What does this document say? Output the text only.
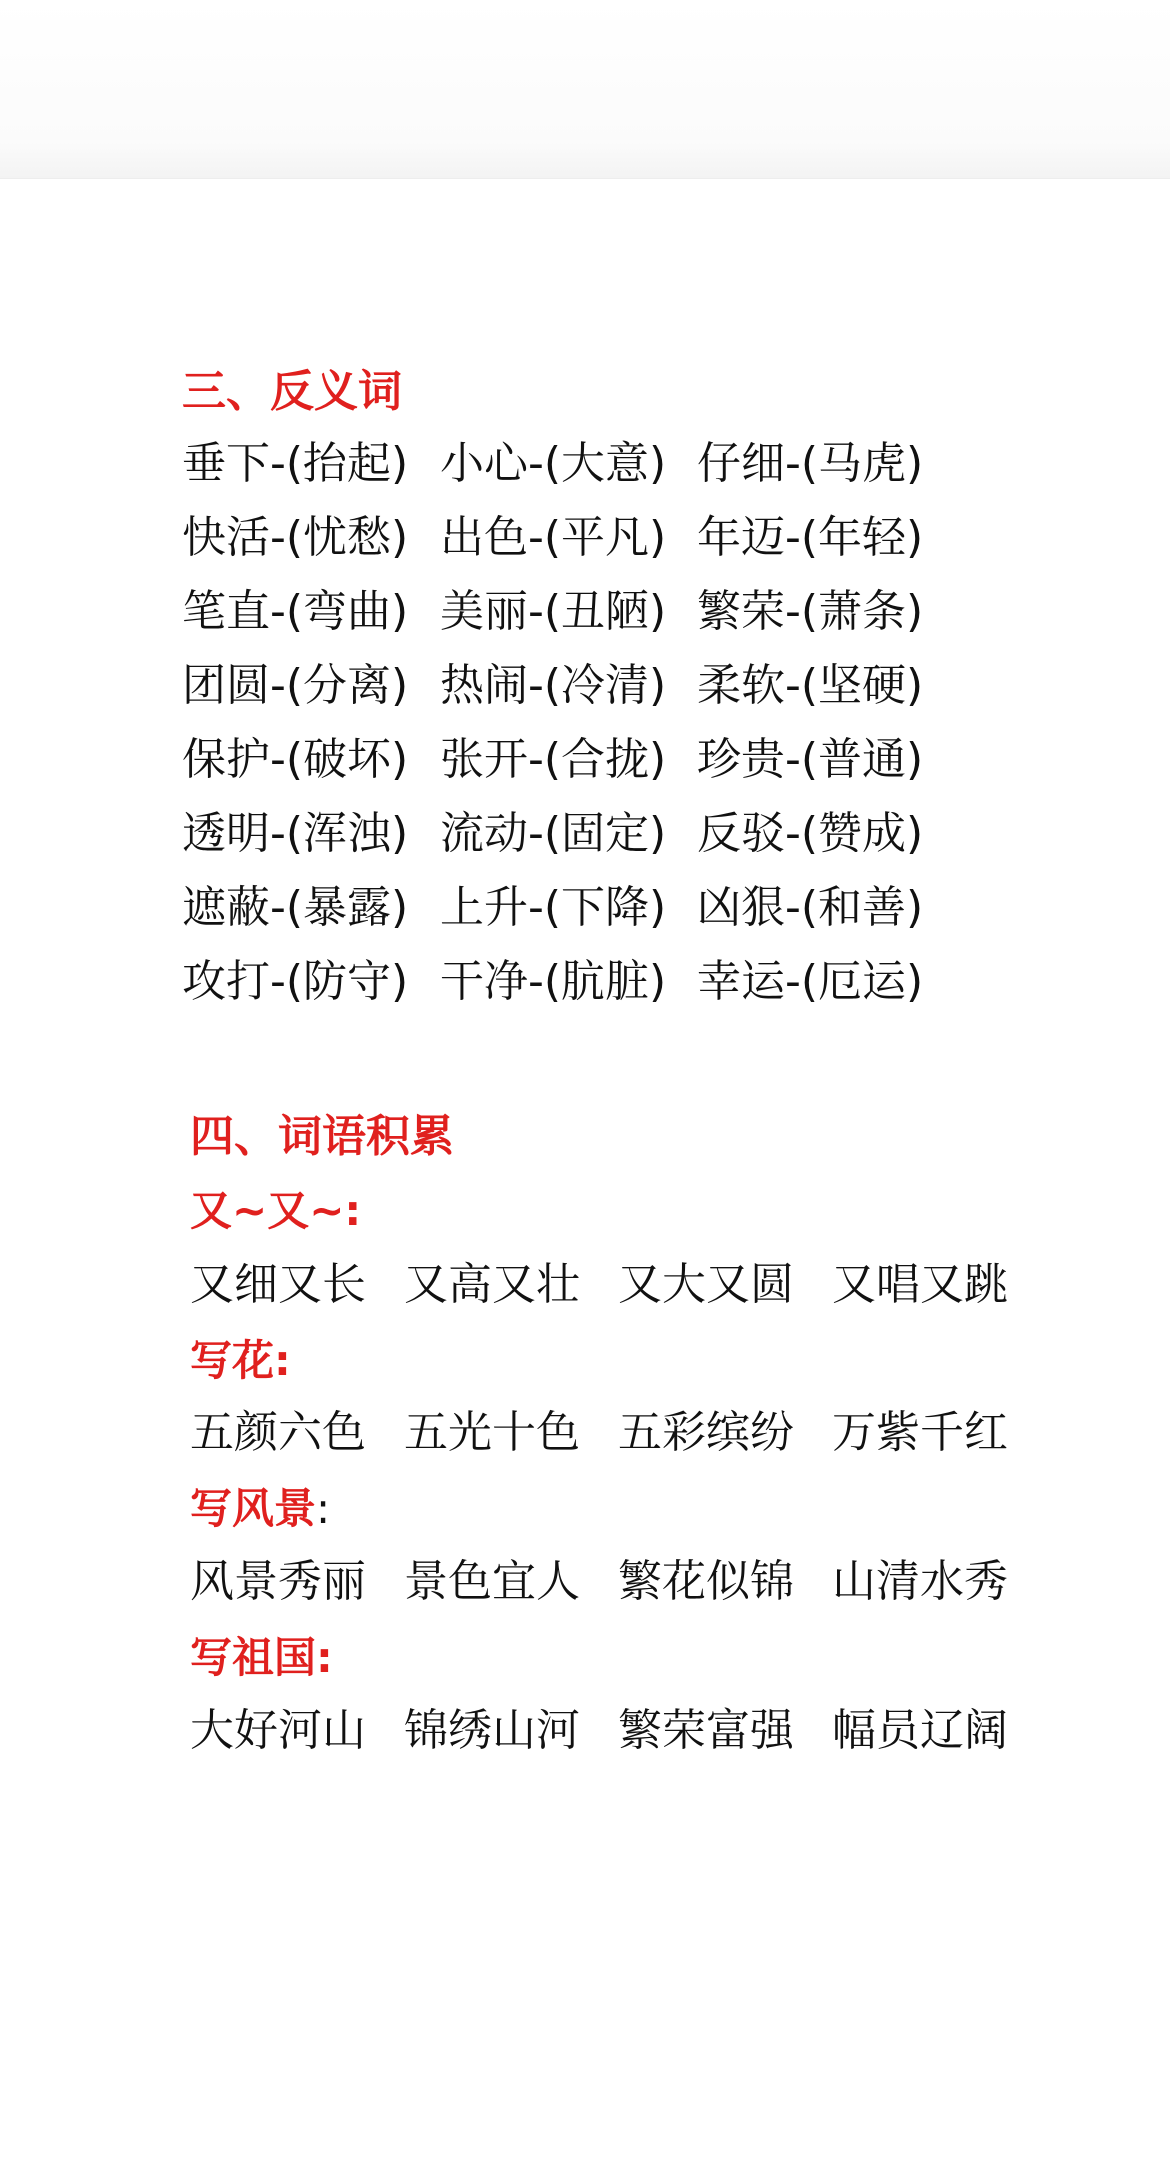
三、反义词
垂下-(抬起) 小心-(大意) 仔细-(马虎)
快活-(忧愁) 出色-(平凡) 年迈-(年轻)
笔直-(弯曲) 美丽-(丑陋) 繁荣-(萧条)
团圆-(分离) 热闹-(冷清) 柔软-(坚硬)
保护-(破坏) 张开-(合拢) 珍贵-(普通)
透明-(浑浊) 流动-(固定) 反驳-(赞成)
遮蔽-(暴露) 上升-(下降) 凶狠-(和善)
攻打-(防守) 干净-(肮脏) 幸运-(厄运)
四、词语积累
又~又~:
又细又长 又高又壮 又大又圆 又唱又跳
写花:
五颜六色 五光十色 五彩缤纷 万紫千红
写风景:
风景秀丽 景色宜人 繁花似锦 山清水秀
写祖国:
大好河山 锦绣山河 繁荣富强 幅员辽阔
